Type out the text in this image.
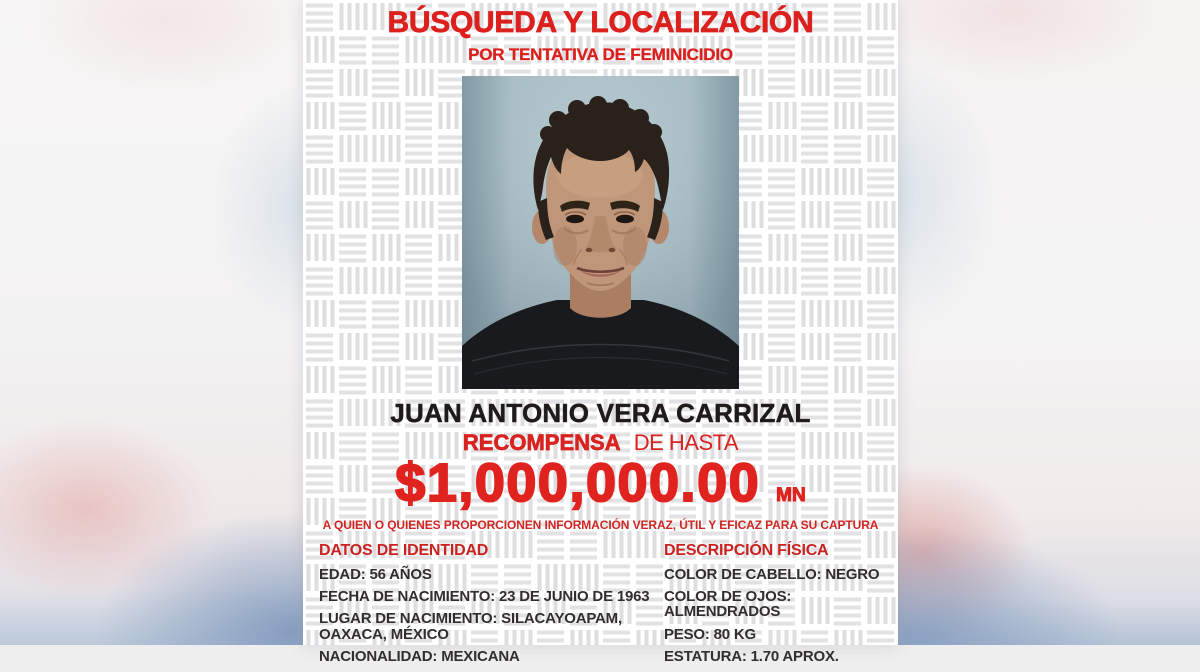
BÚSQUEDA Y LOCALIZACIÓN
POR TENTATIVA DE FEMINICIDIO
JUAN ANTONIO VERA CARRIZAL
RECOMPENSA DE HASTA
$1,000,000.00 MN
A QUIEN O QUIENES PROPORCIONEN INFORMACIÓN VERAZ, ÚTIL Y EFICAZ PARA SU CAPTURA
DATOS DE IDENTIDAD
EDAD: 56 AÑOS
FECHA DE NACIMIENTO: 23 DE JUNIO DE 1963
LUGAR DE NACIMIENTO: SILACAYOAPAM, OAXACA, MÉXICO
NACIONALIDAD: MEXICANA
DESCRIPCIÓN FÍSICA
COLOR DE CABELLO: NEGRO
COLOR DE OJOS: ALMENDRADOS
PESO: 80 KG
ESTATURA: 1.70 APROX.
